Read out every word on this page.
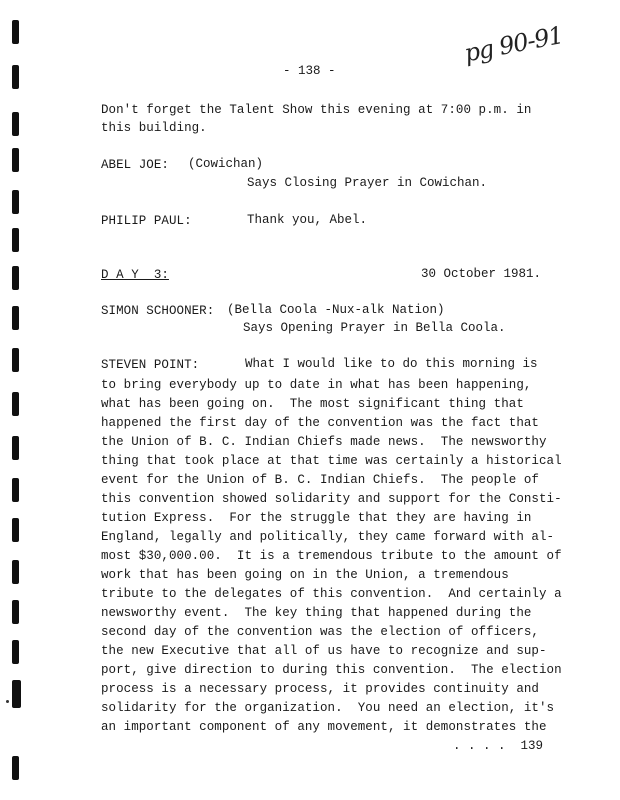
- 138 -
pg 90-91
Don't forget the Talent Show this evening at 7:00 p.m. in
this building.
ABEL JOE: (Cowichan)
Says Closing Prayer in Cowichan.
PHILIP PAUL:	Thank you, Abel.
D A Y  3:	30 October 1981.
SIMON SCHOONER: (Bella Coola -Nux-alk Nation)
Says Opening Prayer in Bella Coola.
STEVEN POINT:	What I would like to do this morning is
to bring everybody up to date in what has been happening,
what has been going on.  The most significant thing that
happened the first day of the convention was the fact that
the Union of B. C. Indian Chiefs made news.  The newsworthy
thing that took place at that time was certainly a historical
event for the Union of B. C. Indian Chiefs.  The people of
this convention showed solidarity and support for the Consti-
tution Express.  For the struggle that they are having in
England, legally and politically, they came forward with al-
most $30,000.00.  It is a tremendous tribute to the amount of
work that has been going on in the Union, a tremendous
tribute to the delegates of this convention.  And certainly a
newsworthy event.  The key thing that happened during the
second day of the convention was the election of officers,
the new Executive that all of us have to recognize and sup-
port, give direction to during this convention.  The election
process is a necessary process, it provides continuity and
solidarity for the organization.  You need an election, it's
an important component of any movement, it demonstrates the
. . . .  139
